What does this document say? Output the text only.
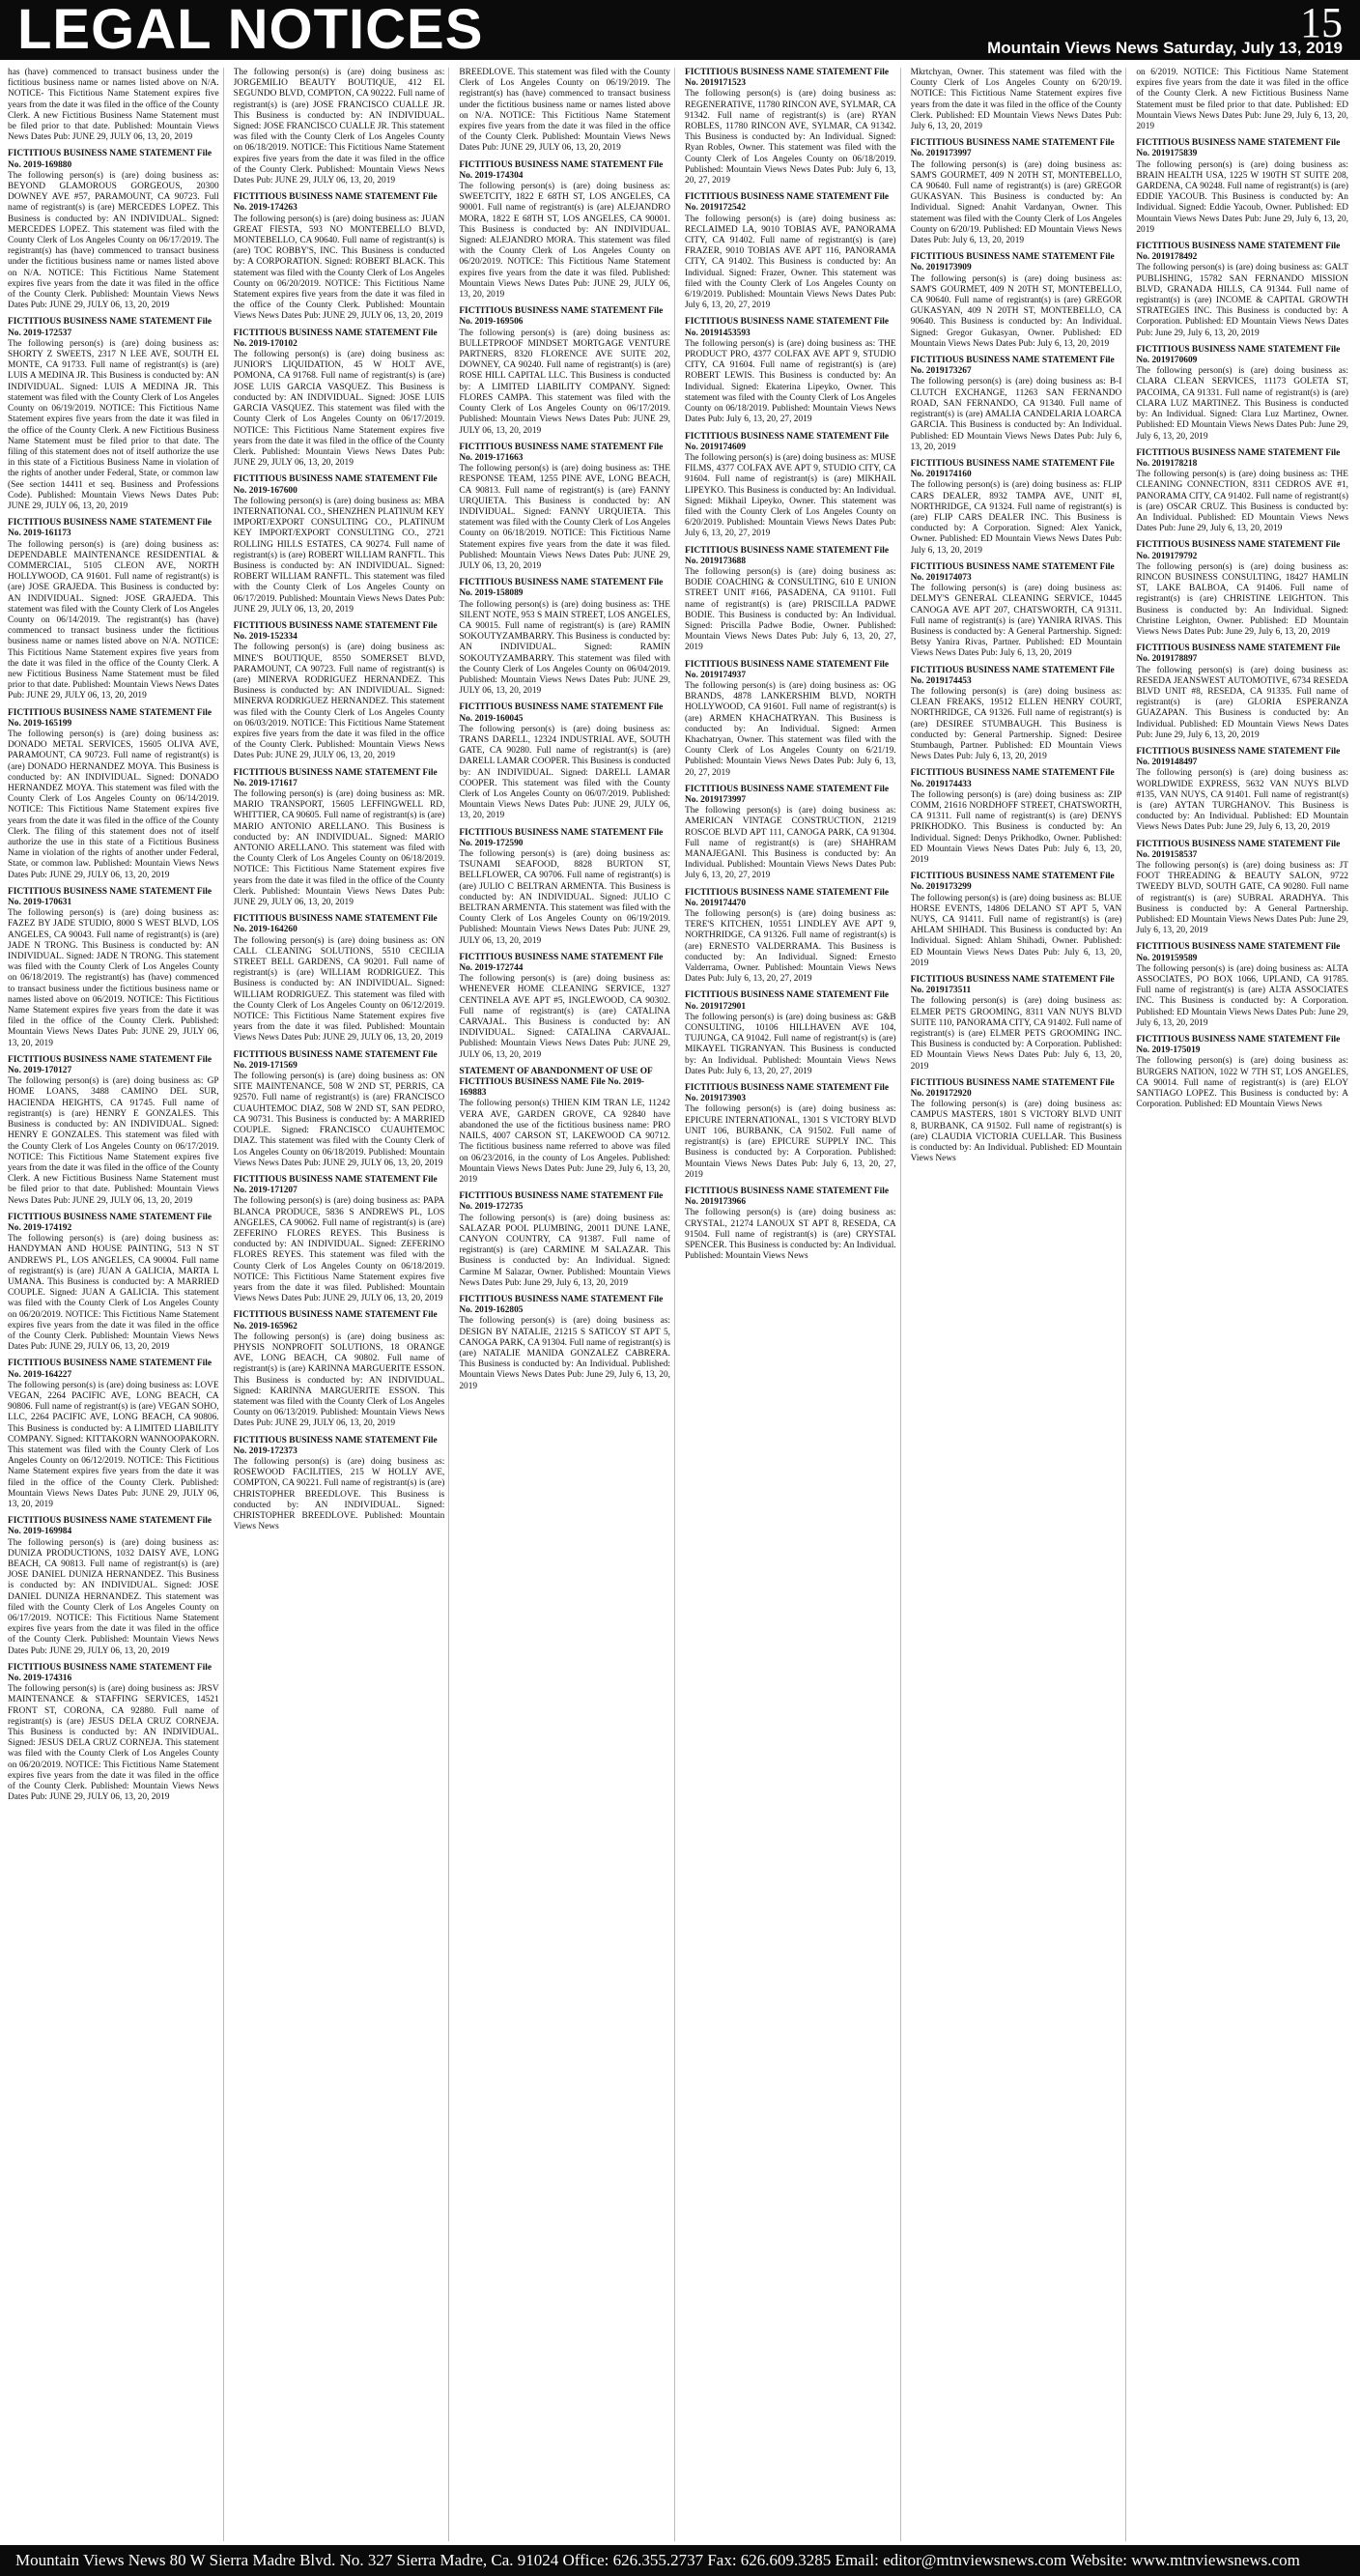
LEGAL NOTICES	15
Mountain Views News Saturday, July 13, 2019
has (have) commenced to transact business under the fictitious business name or names listed above on N/A. NOTICE- This Fictitious Name Statement expires five years from the date it was filed in the office of the County Clerk. A new Fictitious Business Name Statement must be filed prior to that date. Published: Mountain Views News Dates Pub: JUNE 29, JULY 06, 13, 20, 2019
FICTITIOUS BUSINESS NAME STATEMENT File No. 2019-169880
The following person(s) is (are) doing business as: BEYOND GLAMOROUS GORGEOUS, 20300 DOWNEY AVE #57, PARAMOUNT, CA 90723. Full name of registrant(s) is (are) MERCEDES LOPEZ. This Business is conducted by: AN INDIVIDUAL. Signed: MERCEDES LOPEZ. This statement was filed with the County Clerk of Los Angeles County on 06/17/2019. The registrant(s) has (have) commenced to transact business under the fictitious business name or names listed above on N/A. NOTICE: This Fictitious Name Statement expires five years from the date it was filed in the office of the County Clerk. Published: Mountain Views News Dates Pub: JUNE 29, JULY 06, 13, 20, 2019
FICTITIOUS BUSINESS NAME STATEMENT File No. 2019-172537
The following person(s) is (are) doing business as: SHORTY Z SWEETS, 2317 N LEE AVE, SOUTH EL MONTE, CA 91733. Full name of registrant(s) is (are) LUIS A MEDINA JR. This Business is conducted by: AN INDIVIDUAL. Signed: LUIS A MEDINA JR. This statement was filed with the County Clerk of Los Angeles County on 06/19/2019. NOTICE: This Fictitious Name Statement expires five years from the date it was filed in the office of the County Clerk. A new Fictitious Business Name Statement must be filed prior to that date. The filing of this statement does not of itself authorize the use in this state of a Fictitious Business Name in violation of the rights of another under Federal, State, or common law (See section 14411 et seq. Business and Professions Code). Published: Mountain Views News Dates Pub: JUNE 29, JULY 06, 13, 20, 2019
FICTITIOUS BUSINESS NAME STATEMENT File No. 2019-161173
The following person(s) is (are) doing business as: DEPENDABLE MAINTENANCE RESIDENTIAL & COMMERCIAL, 5105 CLEON AVE, NORTH HOLLYWOOD, CA 91601. Full name of registrant(s) is (are) JOSE GRAJEDA. This Business is conducted by: AN INDIVIDUAL. Signed: JOSE GRAJEDA. This statement was filed with the County Clerk of Los Angeles County on 06/14/2019. The registrant(s) has (have) commenced to transact business under the fictitious business name or names listed above on N/A. NOTICE: This Fictitious Name Statement expires five years from the date it was filed in the office of the County Clerk. A new Fictitious Business Name Statement must be filed prior to that date. Published: Mountain Views News Dates Pub: JUNE 29, JULY 06, 13, 20, 2019
FICTITIOUS BUSINESS NAME STATEMENT File No. 2019-165199
The following person(s) is (are) doing business as: DONADO METAL SERVICES, 15605 OLIVA AVE, PARAMOUNT, CA 90723. Full name of registrant(s) is (are) DONADO HERNANDEZ MOYA. This Business is conducted by: AN INDIVIDUAL. Signed: DONADO HERNANDEZ MOYA. This statement was filed with the County Clerk of Los Angeles County on 06/14/2019. NOTICE: This Fictitious Name Statement expires five years from the date it was filed in the office of the County Clerk. The filing of this statement does not of itself authorize the use in this state of a Fictitious Business Name in violation of the rights of another under Federal, State, or common law. Published: Mountain Views News Dates Pub: JUNE 29, JULY 06, 13, 20, 2019
FICTITIOUS BUSINESS NAME STATEMENT File No. 2019-170631
The following person(s) is (are) doing business as: FAZEZ BY JADE STUDIO, 8000 S WEST BLVD, LOS ANGELES, CA 90043. Full name of registrant(s) is (are) JADE N TRONG. This Business is conducted by: AN INDIVIDUAL. Signed: JADE N TRONG. This statement was filed with the County Clerk of Los Angeles County on 06/18/2019. The registrant(s) has (have) commenced to transact business under the fictitious business name or names listed above on 06/2019. NOTICE: This Fictitious Name Statement expires five years from the date it was filed in the office of the County Clerk. Published: Mountain Views News Dates Pub: JUNE 29, JULY 06, 13, 20, 2019
FICTITIOUS BUSINESS NAME STATEMENT File No. 2019-170127
The following person(s) is (are) doing business as: GP HOME LOANS, 3488 CAMINO DEL SUR, HACIENDA HEIGHTS, CA 91745. Full name of registrant(s) is (are) HENRY E GONZALES. This Business is conducted by: AN INDIVIDUAL. Signed: HENRY E GONZALES. This statement was filed with the County Clerk of Los Angeles County on 06/17/2019. NOTICE: This Fictitious Name Statement expires five years from the date it was filed in the office of the County Clerk. A new Fictitious Business Name Statement must be filed prior to that date. Published: Mountain Views News Dates Pub: JUNE 29, JULY 06, 13, 20, 2019
FICTITIOUS BUSINESS NAME STATEMENT File No. 2019-174192
The following person(s) is (are) doing business as: HANDYMAN AND HOUSE PAINTING, 513 N ST ANDREWS PL, LOS ANGELES, CA 90004. Full name of registrant(s) is (are) JUAN A GALICIA, MARTA L UMANA. This Business is conducted by: A MARRIED COUPLE. Signed: JUAN A GALICIA. This statement was filed with the County Clerk of Los Angeles County on 06/20/2019. NOTICE: This Fictitious Name Statement expires five years from the date it was filed in the office of the County Clerk. Published: Mountain Views News Dates Pub: JUNE 29, JULY 06, 13, 20, 2019
FICTITIOUS BUSINESS NAME STATEMENT File No. 2019-164227
The following person(s) is (are) doing business as: LOVE VEGAN, 2264 PACIFIC AVE, LONG BEACH, CA 90806. Full name of registrant(s) is (are) VEGAN SOHO, LLC, 2264 PACIFIC AVE, LONG BEACH, CA 90806. This Business is conducted by: A LIMITED LIABILITY COMPANY. Signed: KITTAKORN WANNOOPAKORN. This statement was filed with the County Clerk of Los Angeles County on 06/12/2019. NOTICE: This Fictitious Name Statement expires five years from the date it was filed in the office of the County Clerk. Published: Mountain Views News Dates Pub: JUNE 29, JULY 06, 13, 20, 2019
FICTITIOUS BUSINESS NAME STATEMENT File No. 2019-169984
The following person(s) is (are) doing business as: DUNIZA PRODUCTIONS, 1032 DAISY AVE, LONG BEACH, CA 90813. Full name of registrant(s) is (are) JOSE DANIEL DUNIZA HERNANDEZ. This Business is conducted by: AN INDIVIDUAL. Signed: JOSE DANIEL DUNIZA HERNANDEZ. This statement was filed with the County Clerk of Los Angeles County on 06/17/2019. NOTICE: This Fictitious Name Statement expires five years from the date it was filed in the office of the County Clerk. Published: Mountain Views News Dates Pub: JUNE 29, JULY 06, 13, 20, 2019
FICTITIOUS BUSINESS NAME STATEMENT File No. 2019-174316
The following person(s) is (are) doing business as: JRSV MAINTENANCE & STAFFING SERVICES, 14521 FRONT ST, CORONA, CA 92880. Full name of registrant(s) is (are) JESUS DELA CRUZ CORNEJA. This Business is conducted by: AN INDIVIDUAL. Signed: JESUS DELA CRUZ CORNEJA. This statement was filed with the County Clerk of Los Angeles County on 06/20/2019. NOTICE: This Fictitious Name Statement expires five years from the date it was filed in the office of the County Clerk. Published: Mountain Views News Dates Pub: JUNE 29, JULY 06, 13, 20, 2019
The following person(s) is (are) doing business as: JORGEMILIO BEAUTY BOUTIQUE, 412 EL SEGUNDO BLVD, COMPTON, CA 90222. Full name of registrant(s) is (are) JOSE FRANCISCO CUALLE JR. This Business is conducted by: AN INDIVIDUAL. Signed: JOSE FRANCISCO CUALLE JR. This statement was filed with the County Clerk of Los Angeles County on 06/18/2019. NOTICE: This Fictitious Name Statement expires five years from the date it was filed in the office of the County Clerk. Published: Mountain Views News Dates Pub: JUNE 29, JULY 06, 13, 20, 2019
FICTITIOUS BUSINESS NAME STATEMENT File No. 2019-174263
The following person(s) is (are) doing business as: JUAN GREAT FIESTA, 593 NO MONTEBELLO BLVD, MONTEBELLO, CA 90640. Full name of registrant(s) is (are) TOC ROBBY'S, INC. This Business is conducted by: A CORPORATION. Signed: ROBERT BLACK. This statement was filed with the County Clerk of Los Angeles County on 06/20/2019. NOTICE: This Fictitious Name Statement expires five years from the date it was filed in the office of the County Clerk. Published: Mountain Views News Dates Pub: JUNE 29, JULY 06, 13, 20, 2019
FICTITIOUS BUSINESS NAME STATEMENT File No. 2019-170102
The following person(s) is (are) doing business as: JUNIOR'S LIQUIDATION, 45 W HOLT AVE, POMONA, CA 91768. Full name of registrant(s) is (are) JOSE LUIS GARCIA VASQUEZ. This Business is conducted by: AN INDIVIDUAL. Signed: JOSE LUIS GARCIA VASQUEZ. This statement was filed with the County Clerk of Los Angeles County on 06/17/2019. NOTICE: This Fictitious Name Statement expires five years from the date it was filed in the office of the County Clerk. Published: Mountain Views News Dates Pub: JUNE 29, JULY 06, 13, 20, 2019
FICTITIOUS BUSINESS NAME STATEMENT File No. 2019-167600
The following person(s) is (are) doing business as: MBA INTERNATIONAL CO., SHENZHEN PLATINUM KEY IMPORT/EXPORT CONSULTING CO., PLATINUM KEY IMPORT/EXPORT CONSULTING CO., 2721 ROLLING HILLS ESTATES, CA 90274. Full name of registrant(s) is (are) ROBERT WILLIAM RANFTL. This Business is conducted by: AN INDIVIDUAL. Signed: ROBERT WILLIAM RANFTL. This statement was filed with the County Clerk of Los Angeles County on 06/17/2019. Published: Mountain Views News Dates Pub: JUNE 29, JULY 06, 13, 20, 2019
FICTITIOUS BUSINESS NAME STATEMENT File No. 2019-152334
The following person(s) is (are) doing business as: MINE'S BOUTIQUE, 8550 SOMERSET BLVD, PARAMOUNT, CA 90723. Full name of registrant(s) is (are) MINERVA RODRIGUEZ HERNANDEZ. This Business is conducted by: AN INDIVIDUAL. Signed: MINERVA RODRIGUEZ HERNANDEZ. This statement was filed with the County Clerk of Los Angeles County on 06/03/2019. NOTICE: This Fictitious Name Statement expires five years from the date it was filed in the office of the County Clerk. Published: Mountain Views News Dates Pub: JUNE 29, JULY 06, 13, 20, 2019
FICTITIOUS BUSINESS NAME STATEMENT File No. 2019-171617
The following person(s) is (are) doing business as: MR. MARIO TRANSPORT, 15605 LEFFINGWELL RD, WHITTIER, CA 90605. Full name of registrant(s) is (are) MARIO ANTONIO ARELLANO. This Business is conducted by: AN INDIVIDUAL. Signed: MARIO ANTONIO ARELLANO. This statement was filed with the County Clerk of Los Angeles County on 06/18/2019. NOTICE: This Fictitious Name Statement expires five years from the date it was filed in the office of the County Clerk. Published: Mountain Views News Dates Pub: JUNE 29, JULY 06, 13, 20, 2019
FICTITIOUS BUSINESS NAME STATEMENT File No. 2019-164260
The following person(s) is (are) doing business as: ON CALL CLEANING SOLUTIONS, 5510 CECILIA STREET BELL GARDENS, CA 90201. Full name of registrant(s) is (are) WILLIAM RODRIGUEZ. This Business is conducted by: AN INDIVIDUAL. Signed: WILLIAM RODRIGUEZ. This statement was filed with the County Clerk of Los Angeles County on 06/12/2019. NOTICE: This Fictitious Name Statement expires five years from the date it was filed. Published: Mountain Views News Dates Pub: JUNE 29, JULY 06, 13, 20, 2019
FICTITIOUS BUSINESS NAME STATEMENT File No. 2019-171569
The following person(s) is (are) doing business as: ON SITE MAINTENANCE, 508 W 2ND ST, PERRIS, CA 92570. Full name of registrant(s) is (are) FRANCISCO CUAUHTEMOC DIAZ, 508 W 2ND ST, SAN PEDRO, CA 90731. This Business is conducted by: A MARRIED COUPLE. Signed: FRANCISCO CUAUHTEMOC DIAZ. This statement was filed with the County Clerk of Los Angeles County on 06/18/2019. Published: Mountain Views News Dates Pub: JUNE 29, JULY 06, 13, 20, 2019
FICTITIOUS BUSINESS NAME STATEMENT File No. 2019-171207
The following person(s) is (are) doing business as: PAPA BLANCA PRODUCE, 5836 S ANDREWS PL, LOS ANGELES, CA 90062. Full name of registrant(s) is (are) ZEFERINO FLORES REYES. This Business is conducted by: AN INDIVIDUAL. Signed: ZEFERINO FLORES REYES. This statement was filed with the County Clerk of Los Angeles County on 06/18/2019. NOTICE: This Fictitious Name Statement expires five years from the date it was filed. Published: Mountain Views News Dates Pub: JUNE 29, JULY 06, 13, 20, 2019
FICTITIOUS BUSINESS NAME STATEMENT File No. 2019-165962
The following person(s) is (are) doing business as: PHYSIS NONPROFIT SOLUTIONS, 18 ORANGE AVE, LONG BEACH, CA 90802. Full name of registrant(s) is (are) KARINNA MARGUERITE ESSON. This Business is conducted by: AN INDIVIDUAL. Signed: KARINNA MARGUERITE ESSON. This statement was filed with the County Clerk of Los Angeles County on 06/13/2019. Published: Mountain Views News Dates Pub: JUNE 29, JULY 06, 13, 20, 2019
FICTITIOUS BUSINESS NAME STATEMENT File No. 2019-172373
The following person(s) is (are) doing business as: ROSEWOOD FACILITIES, 215 W HOLLY AVE, COMPTON, CA 90221. Full name of registrant(s) is (are) CHRISTOPHER BREEDLOVE. This Business is conducted by: AN INDIVIDUAL. Signed: CHRISTOPHER BREEDLOVE. Published: Mountain Views News
BREEDLOVE. This statement was filed with the County Clerk of Los Angeles County on 06/19/2019. The registrant(s) has (have) commenced to transact business under the fictitious business name or names listed above on N/A. NOTICE: This Fictitious Name Statement expires five years from the date it was filed in the office of the County Clerk. Published: Mountain Views News Dates Pub: JUNE 29, JULY 06, 13, 20, 2019
FICTITIOUS BUSINESS NAME STATEMENT File No. 2019-174304
The following person(s) is (are) doing business as: SWEETCITY, 1822 E 68TH ST, LOS ANGELES, CA 90001. Full name of registrant(s) is (are) ALEJANDRO MORA, 1822 E 68TH ST, LOS ANGELES, CA 90001. This Business is conducted by: AN INDIVIDUAL. Signed: ALEJANDRO MORA. This statement was filed with the County Clerk of Los Angeles County on 06/20/2019. NOTICE: This Fictitious Name Statement expires five years from the date it was filed. Published: Mountain Views News Dates Pub: JUNE 29, JULY 06, 13, 20, 2019
FICTITIOUS BUSINESS NAME STATEMENT File No. 2019-169506
The following person(s) is (are) doing business as: BULLETPROOF MINDSET MORTGAGE VENTURE PARTNERS, 8320 FLORENCE AVE SUITE 202, DOWNEY, CA 90240. Full name of registrant(s) is (are) ROSE HILL CAPITAL LLC. This Business is conducted by: A LIMITED LIABILITY COMPANY. Signed: FLORES CAMPA. This statement was filed with the County Clerk of Los Angeles County on 06/17/2019. Published: Mountain Views News Dates Pub: JUNE 29, JULY 06, 13, 20, 2019
FICTITIOUS BUSINESS NAME STATEMENT File No. 2019-171663
The following person(s) is (are) doing business as: THE RESPONSE TEAM, 1255 PINE AVE, LONG BEACH, CA 90813. Full name of registrant(s) is (are) FANNY URQUIETA. This Business is conducted by: AN INDIVIDUAL. Signed: FANNY URQUIETA. This statement was filed with the County Clerk of Los Angeles County on 06/18/2019. NOTICE: This Fictitious Name Statement expires five years from the date it was filed. Published: Mountain Views News Dates Pub: JUNE 29, JULY 06, 13, 20, 2019
FICTITIOUS BUSINESS NAME STATEMENT File No. 2019-158089
The following person(s) is (are) doing business as: THE SILENT NOTE, 953 S MAIN STREET, LOS ANGELES, CA 90015. Full name of registrant(s) is (are) RAMIN SOKOUTYZAMBARRY. This Business is conducted by: AN INDIVIDUAL. Signed: RAMIN SOKOUTYZAMBARRY. This statement was filed with the County Clerk of Los Angeles County on 06/04/2019. Published: Mountain Views News Dates Pub: JUNE 29, JULY 06, 13, 20, 2019
FICTITIOUS BUSINESS NAME STATEMENT File No. 2019-160045
The following person(s) is (are) doing business as: TRANS DARELL, 12324 INDUSTRIAL AVE, SOUTH GATE, CA 90280. Full name of registrant(s) is (are) DARELL LAMAR COOPER. This Business is conducted by: AN INDIVIDUAL. Signed: DARELL LAMAR COOPER. This statement was filed with the County Clerk of Los Angeles County on 06/07/2019. Published: Mountain Views News Dates Pub: JUNE 29, JULY 06, 13, 20, 2019
FICTITIOUS BUSINESS NAME STATEMENT File No. 2019-172590
The following person(s) is (are) doing business as: TSUNAMI SEAFOOD, 8828 BURTON ST, BELLFLOWER, CA 90706. Full name of registrant(s) is (are) JULIO C BELTRAN ARMENTA. This Business is conducted by: AN INDIVIDUAL. Signed: JULIO C BELTRAN ARMENTA. This statement was filed with the County Clerk of Los Angeles County on 06/19/2019. Published: Mountain Views News Dates Pub: JUNE 29, JULY 06, 13, 20, 2019
FICTITIOUS BUSINESS NAME STATEMENT File No. 2019-172744
The following person(s) is (are) doing business as: WHENEVER HOME CLEANING SERVICE, 1327 CENTINELA AVE APT #5, INGLEWOOD, CA 90302. Full name of registrant(s) is (are) CATALINA CARVAJAL. This Business is conducted by: AN INDIVIDUAL. Signed: CATALINA CARVAJAL. Published: Mountain Views News Dates Pub: JUNE 29, JULY 06, 13, 20, 2019
STATEMENT OF ABANDONMENT OF USE OF FICTITIOUS BUSINESS NAME File No. 2019-169883
The following person(s) THIEN KIM TRAN LE, 11242 VERA AVE, GARDEN GROVE, CA 92840 have abandoned the use of the fictitious business name: PRO NAILS, 4007 CARSON ST, LAKEWOOD CA 90712. The fictitious business name referred to above was filed on 06/23/2016, in the county of Los Angeles. Published: Mountain Views News Dates Pub: June 29, July 6, 13, 20, 2019
FICTITIOUS BUSINESS NAME STATEMENT File No. 2019-172735
The following person(s) is (are) doing business as: SALAZAR POOL PLUMBING, 20011 DUNE LANE, CANYON COUNTRY, CA 91387. Full name of registrant(s) is (are) CARMINE M SALAZAR. This Business is conducted by: An Individual. Signed: Carmine M Salazar, Owner. Published: Mountain Views News Dates Pub: June 29, July 6, 13, 20, 2019
FICTITIOUS BUSINESS NAME STATEMENT File No. 2019-162805
The following person(s) is (are) doing business as: DESIGN BY NATALIE, 21215 S SATICOY ST APT 5, CANOGA PARK, CA 91304. Full name of registrant(s) is (are) NATALIE MANIDA GONZALEZ CABRERA. This Business is conducted by: An Individual. Published: Mountain Views News Dates Pub: June 29, July 6, 13, 20, 2019
FICTITIOUS BUSINESS NAME STATEMENT File No. 2019171523
The following person(s) is (are) doing business as: REGENERATIVE, 11780 RINCON AVE, SYLMAR, CA 91342. Full name of registrant(s) is (are) RYAN ROBLES, 11780 RINCON AVE, SYLMAR, CA 91342. This Business is conducted by: An Individual. Signed: Ryan Robles, Owner. This statement was filed with the County Clerk of Los Angeles County on 06/18/2019. Published: Mountain Views News Dates Pub: July 6, 13, 20, 27, 2019
FICTITIOUS BUSINESS NAME STATEMENT File No. 2019172542
The following person(s) is (are) doing business as: RECLAIMED LA, 9010 TOBIAS AVE, PANORAMA CITY, CA 91402. Full name of registrant(s) is (are) FRAZER, 9010 TOBIAS AVE APT 116, PANORAMA CITY, CA 91402. This Business is conducted by: An Individual. Signed: Frazer, Owner. This statement was filed with the County Clerk of Los Angeles County on 6/19/2019. Published: Mountain Views News Dates Pub: July 6, 13, 20, 27, 2019
FICTITIOUS BUSINESS NAME STATEMENT File No. 20191453593
The following person(s) is (are) doing business as: THE PRODUCT PRO, 4377 COLFAX AVE APT 9, STUDIO CITY, CA 91604. Full name of registrant(s) is (are) ROBERT LEWIS. This Business is conducted by: An Individual. Signed: Ekaterina Lipeyko, Owner. This statement was filed with the County Clerk of Los Angeles County on 06/18/2019. Published: Mountain Views News Dates Pub: July 6, 13, 20, 27, 2019
FICTITIOUS BUSINESS NAME STATEMENT File No. 2019174609
The following person(s) is (are) doing business as: MUSE FILMS, 4377 COLFAX AVE APT 9, STUDIO CITY, CA 91604. Full name of registrant(s) is (are) MIKHAIL LIPEYKO. This Business is conducted by: An Individual. Signed: Mikhail Lipeyko, Owner. This statement was filed with the County Clerk of Los Angeles County on 6/20/2019. Published: Mountain Views News Dates Pub: July 6, 13, 20, 27, 2019
FICTITIOUS BUSINESS NAME STATEMENT File No. 2019173688
The following person(s) is (are) doing business as: BODIE COACHING & CONSULTING, 610 E UNION STREET UNIT #166, PASADENA, CA 91101. Full name of registrant(s) is (are) PRISCILLA PADWE BODIE. This Business is conducted by: An Individual. Signed: Priscilla Padwe Bodie, Owner. Published: Mountain Views News Dates Pub: July 6, 13, 20, 27, 2019
FICTITIOUS BUSINESS NAME STATEMENT File No. 2019174937
The following person(s) is (are) doing business as: OG BRANDS, 4878 LANKERSHIM BLVD, NORTH HOLLYWOOD, CA 91601. Full name of registrant(s) is (are) ARMEN KHACHATRYAN. This Business is conducted by: An Individual. Signed: Armen Khachatryan, Owner. This statement was filed with the County Clerk of Los Angeles County on 6/21/19. Published: Mountain Views News Dates Pub: July 6, 13, 20, 27, 2019
FICTITIOUS BUSINESS NAME STATEMENT File No. 2019173997
The following person(s) is (are) doing business as: AMERICAN VINTAGE CONSTRUCTION, 21219 ROSCOE BLVD APT 111, CANOGA PARK, CA 91304. Full name of registrant(s) is (are) SHAHRAM MANAJEGANI. This Business is conducted by: An Individual. Published: Mountain Views News Dates Pub: July 6, 13, 20, 27, 2019
FICTITIOUS BUSINESS NAME STATEMENT File No. 2019174470
The following person(s) is (are) doing business as: TERE'S KITCHEN, 10551 LINDLEY AVE APT 9, NORTHRIDGE, CA 91326. Full name of registrant(s) is (are) ERNESTO VALDERRAMA. This Business is conducted by: An Individual. Signed: Ernesto Valderrama, Owner. Published: Mountain Views News Dates Pub: July 6, 13, 20, 27, 2019
FICTITIOUS BUSINESS NAME STATEMENT File No. 2019172901
The following person(s) is (are) doing business as: G&B CONSULTING, 10106 HILLHAVEN AVE 104, TUJUNGA, CA 91042. Full name of registrant(s) is (are) MIKAYEL TIGRANYAN. This Business is conducted by: An Individual. Published: Mountain Views News Dates Pub: July 6, 13, 20, 27, 2019
FICTITIOUS BUSINESS NAME STATEMENT File No. 2019173903
The following person(s) is (are) doing business as: EPICURE INTERNATIONAL, 1301 S VICTORY BLVD UNIT 106, BURBANK, CA 91502. Full name of registrant(s) is (are) EPICURE SUPPLY INC. This Business is conducted by: A Corporation. Published: Mountain Views News Dates Pub: July 6, 13, 20, 27, 2019
FICTITIOUS BUSINESS NAME STATEMENT File No. 2019173966
The following person(s) is (are) doing business as: CRYSTAL, 21274 LANOUX ST APT 8, RESEDA, CA 91504. Full name of registrant(s) is (are) CRYSTAL SPENCER. This Business is conducted by: An Individual. Published: Mountain Views News
Mkrtchyan, Owner. This statement was filed with the County Clerk of Los Angeles County on 6/20/19. NOTICE: This Fictitious Name Statement expires five years from the date it was filed in the office of the County Clerk. Published: ED Mountain Views News Dates Pub: July 6, 13, 20, 2019
FICTITIOUS BUSINESS NAME STATEMENT File No. 2019173997
The following person(s) is (are) doing business as: SAM'S GOURMET, 409 N 20TH ST, MONTEBELLO, CA 90640. Full name of registrant(s) is (are) GREGOR GUKASYAN. This Business is conducted by: An Individual. Signed: Anahit Vardanyan, Owner. This statement was filed with the County Clerk of Los Angeles County on 6/20/19. Published: ED Mountain Views News Dates Pub: July 6, 13, 20, 2019
FICTITIOUS BUSINESS NAME STATEMENT File No. 2019173909
The following person(s) is (are) doing business as: SAM'S GOURMET, 409 N 20TH ST, MONTEBELLO, CA 90640. Full name of registrant(s) is (are) GREGOR GUKASYAN, 409 N 20TH ST, MONTEBELLO, CA 90640. This Business is conducted by: An Individual. Signed: Gregor Gukasyan, Owner. Published: ED Mountain Views News Dates Pub: July 6, 13, 20, 2019
FICTITIOUS BUSINESS NAME STATEMENT File No. 2019173267
The following person(s) is (are) doing business as: B-I CLUTCH EXCHANGE, 11263 SAN FERNANDO ROAD, SAN FERNANDO, CA 91340. Full name of registrant(s) is (are) AMALIA CANDELARIA LOARCA GARCIA. This Business is conducted by: An Individual. Published: ED Mountain Views News Dates Pub: July 6, 13, 20, 2019
FICTITIOUS BUSINESS NAME STATEMENT File No. 2019174160
The following person(s) is (are) doing business as: FLIP CARS DEALER, 8932 TAMPA AVE, UNIT #I, NORTHRIDGE, CA 91324. Full name of registrant(s) is (are) FLIP CARS DEALER INC. This Business is conducted by: A Corporation. Signed: Alex Yanick, Owner. Published: ED Mountain Views News Dates Pub: July 6, 13, 20, 2019
FICTITIOUS BUSINESS NAME STATEMENT File No. 2019174073
The following person(s) is (are) doing business as: DELMY'S GENERAL CLEANING SERVICE, 10445 CANOGA AVE APT 207, CHATSWORTH, CA 91311. Full name of registrant(s) is (are) YANIRA RIVAS. This Business is conducted by: A General Partnership. Signed: Betsy Yanira Rivas, Partner. Published: ED Mountain Views News Dates Pub: July 6, 13, 20, 2019
FICTITIOUS BUSINESS NAME STATEMENT File No. 2019174453
The following person(s) is (are) doing business as: CLEAN FREAKS, 19512 ELLEN HENRY COURT, NORTHRIDGE, CA 91326. Full name of registrant(s) is (are) DESIREE STUMBAUGH. This Business is conducted by: General Partnership. Signed: Desiree Stumbaugh, Partner. Published: ED Mountain Views News Dates Pub: July 6, 13, 20, 2019
FICTITIOUS BUSINESS NAME STATEMENT File No. 2019174433
The following person(s) is (are) doing business as: ZIP COMM, 21616 NORDHOFF STREET, CHATSWORTH, CA 91311. Full name of registrant(s) is (are) DENYS PRIKHODKO. This Business is conducted by: An Individual. Signed: Denys Prikhodko, Owner. Published: ED Mountain Views News Dates Pub: July 6, 13, 20, 2019
FICTITIOUS BUSINESS NAME STATEMENT File No. 2019173299
The following person(s) is (are) doing business as: BLUE HORSE EVENTS, 14806 DELANO ST APT 5, VAN NUYS, CA 91411. Full name of registrant(s) is (are) AHLAM SHIHADI. This Business is conducted by: An Individual. Signed: Ahlam Shihadi, Owner. Published: ED Mountain Views News Dates Pub: July 6, 13, 20, 2019
FICTITIOUS BUSINESS NAME STATEMENT File No. 2019173511
The following person(s) is (are) doing business as: ELMER PETS GROOMING, 8311 VAN NUYS BLVD SUITE 110, PANORAMA CITY, CA 91402. Full name of registrant(s) is (are) ELMER PETS GROOMING INC. This Business is conducted by: A Corporation. Published: ED Mountain Views News Dates Pub: July 6, 13, 20, 2019
FICTITIOUS BUSINESS NAME STATEMENT File No. 2019172920
The following person(s) is (are) doing business as: CAMPUS MASTERS, 1801 S VICTORY BLVD UNIT 8, BURBANK, CA 91502. Full name of registrant(s) is (are) CLAUDIA VICTORIA CUELLAR. This Business is conducted by: An Individual. Published: ED Mountain Views News
on 6/2019. NOTICE: This Fictitious Name Statement expires five years from the date it was filed in the office of the County Clerk. A new Fictitious Business Name Statement must be filed prior to that date. Published: ED Mountain Views News Dates Pub: June 29, July 6, 13, 20, 2019
FICTITIOUS BUSINESS NAME STATEMENT File No. 2019175839
The following person(s) is (are) doing business as: BRAIN HEALTH USA, 1225 W 190TH ST SUITE 208, GARDENA, CA 90248. Full name of registrant(s) is (are) EDDIE YACOUB. This Business is conducted by: An Individual. Signed: Eddie Yacoub, Owner. Published: ED Mountain Views News Dates Pub: June 29, July 6, 13, 20, 2019
FICTITIOUS BUSINESS NAME STATEMENT File No. 2019178492
The following person(s) is (are) doing business as: GALT PUBLISHING, 15782 SAN FERNANDO MISSION BLVD, GRANADA HILLS, CA 91344. Full name of registrant(s) is (are) INCOME & CAPITAL GROWTH STRATEGIES INC. This Business is conducted by: A Corporation. Published: ED Mountain Views News Dates Pub: June 29, July 6, 13, 20, 2019
FICTITIOUS BUSINESS NAME STATEMENT File No. 2019170609
The following person(s) is (are) doing business as: CLARA CLEAN SERVICES, 11173 GOLETA ST, PACOIMA, CA 91331. Full name of registrant(s) is (are) CLARA LUZ MARTINEZ. This Business is conducted by: An Individual. Signed: Clara Luz Martinez, Owner. Published: ED Mountain Views News Dates Pub: June 29, July 6, 13, 20, 2019
FICTITIOUS BUSINESS NAME STATEMENT File No. 2019178218
The following person(s) is (are) doing business as: THE CLEANING CONNECTION, 8311 CEDROS AVE #1, PANORAMA CITY, CA 91402. Full name of registrant(s) is (are) OSCAR CRUZ. This Business is conducted by: An Individual. Published: ED Mountain Views News Dates Pub: June 29, July 6, 13, 20, 2019
FICTITIOUS BUSINESS NAME STATEMENT File No. 2019179792
The following person(s) is (are) doing business as: RINCON BUSINESS CONSULTING, 18427 HAMLIN ST, LAKE BALBOA, CA 91406. Full name of registrant(s) is (are) CHRISTINE LEIGHTON. This Business is conducted by: An Individual. Signed: Christine Leighton, Owner. Published: ED Mountain Views News Dates Pub: June 29, July 6, 13, 20, 2019
FICTITIOUS BUSINESS NAME STATEMENT File No. 2019178897
The following person(s) is (are) doing business as: RESEDA JEANSWEST AUTOMOTIVE, 6734 RESEDA BLVD UNIT #8, RESEDA, CA 91335. Full name of registrant(s) is (are) GLORIA ESPERANZA GUAZAPAN. This Business is conducted by: An Individual. Published: ED Mountain Views News Dates Pub: June 29, July 6, 13, 20, 2019
FICTITIOUS BUSINESS NAME STATEMENT File No. 2019148497
The following person(s) is (are) doing business as: WORLDWIDE EXPRESS, 5632 VAN NUYS BLVD #135, VAN NUYS, CA 91401. Full name of registrant(s) is (are) AYTAN TURGHANOV. This Business is conducted by: An Individual. Published: ED Mountain Views News Dates Pub: June 29, July 6, 13, 20, 2019
FICTITIOUS BUSINESS NAME STATEMENT File No. 2019158537
The following person(s) is (are) doing business as: JT FOOT THREADING & BEAUTY SALON, 9722 TWEEDY BLVD, SOUTH GATE, CA 90280. Full name of registrant(s) is (are) SUBRAL ARADHYA. This Business is conducted by: A General Partnership. Published: ED Mountain Views News Dates Pub: June 29, July 6, 13, 20, 2019
FICTITIOUS BUSINESS NAME STATEMENT File No. 2019159589
The following person(s) is (are) doing business as: ALTA ASSOCIATES, PO BOX 1066, UPLAND, CA 91785. Full name of registrant(s) is (are) ALTA ASSOCIATES INC. This Business is conducted by: A Corporation. Published: ED Mountain Views News Dates Pub: June 29, July 6, 13, 20, 2019
FICTITIOUS BUSINESS NAME STATEMENT File No. 2019-175019
The following person(s) is (are) doing business as: BURGERS NATION, 1022 W 7TH ST, LOS ANGELES, CA 90014. Full name of registrant(s) is (are) ELOY SANTIAGO LOPEZ. This Business is conducted by: A Corporation. Published: ED Mountain Views News
Mountain Views News 80 W Sierra Madre Blvd. No. 327 Sierra Madre, Ca. 91024 Office: 626.355.2737 Fax: 626.609.3285 Email: editor@mtnviewsnews.com Website: www.mtnviewsnews.com
